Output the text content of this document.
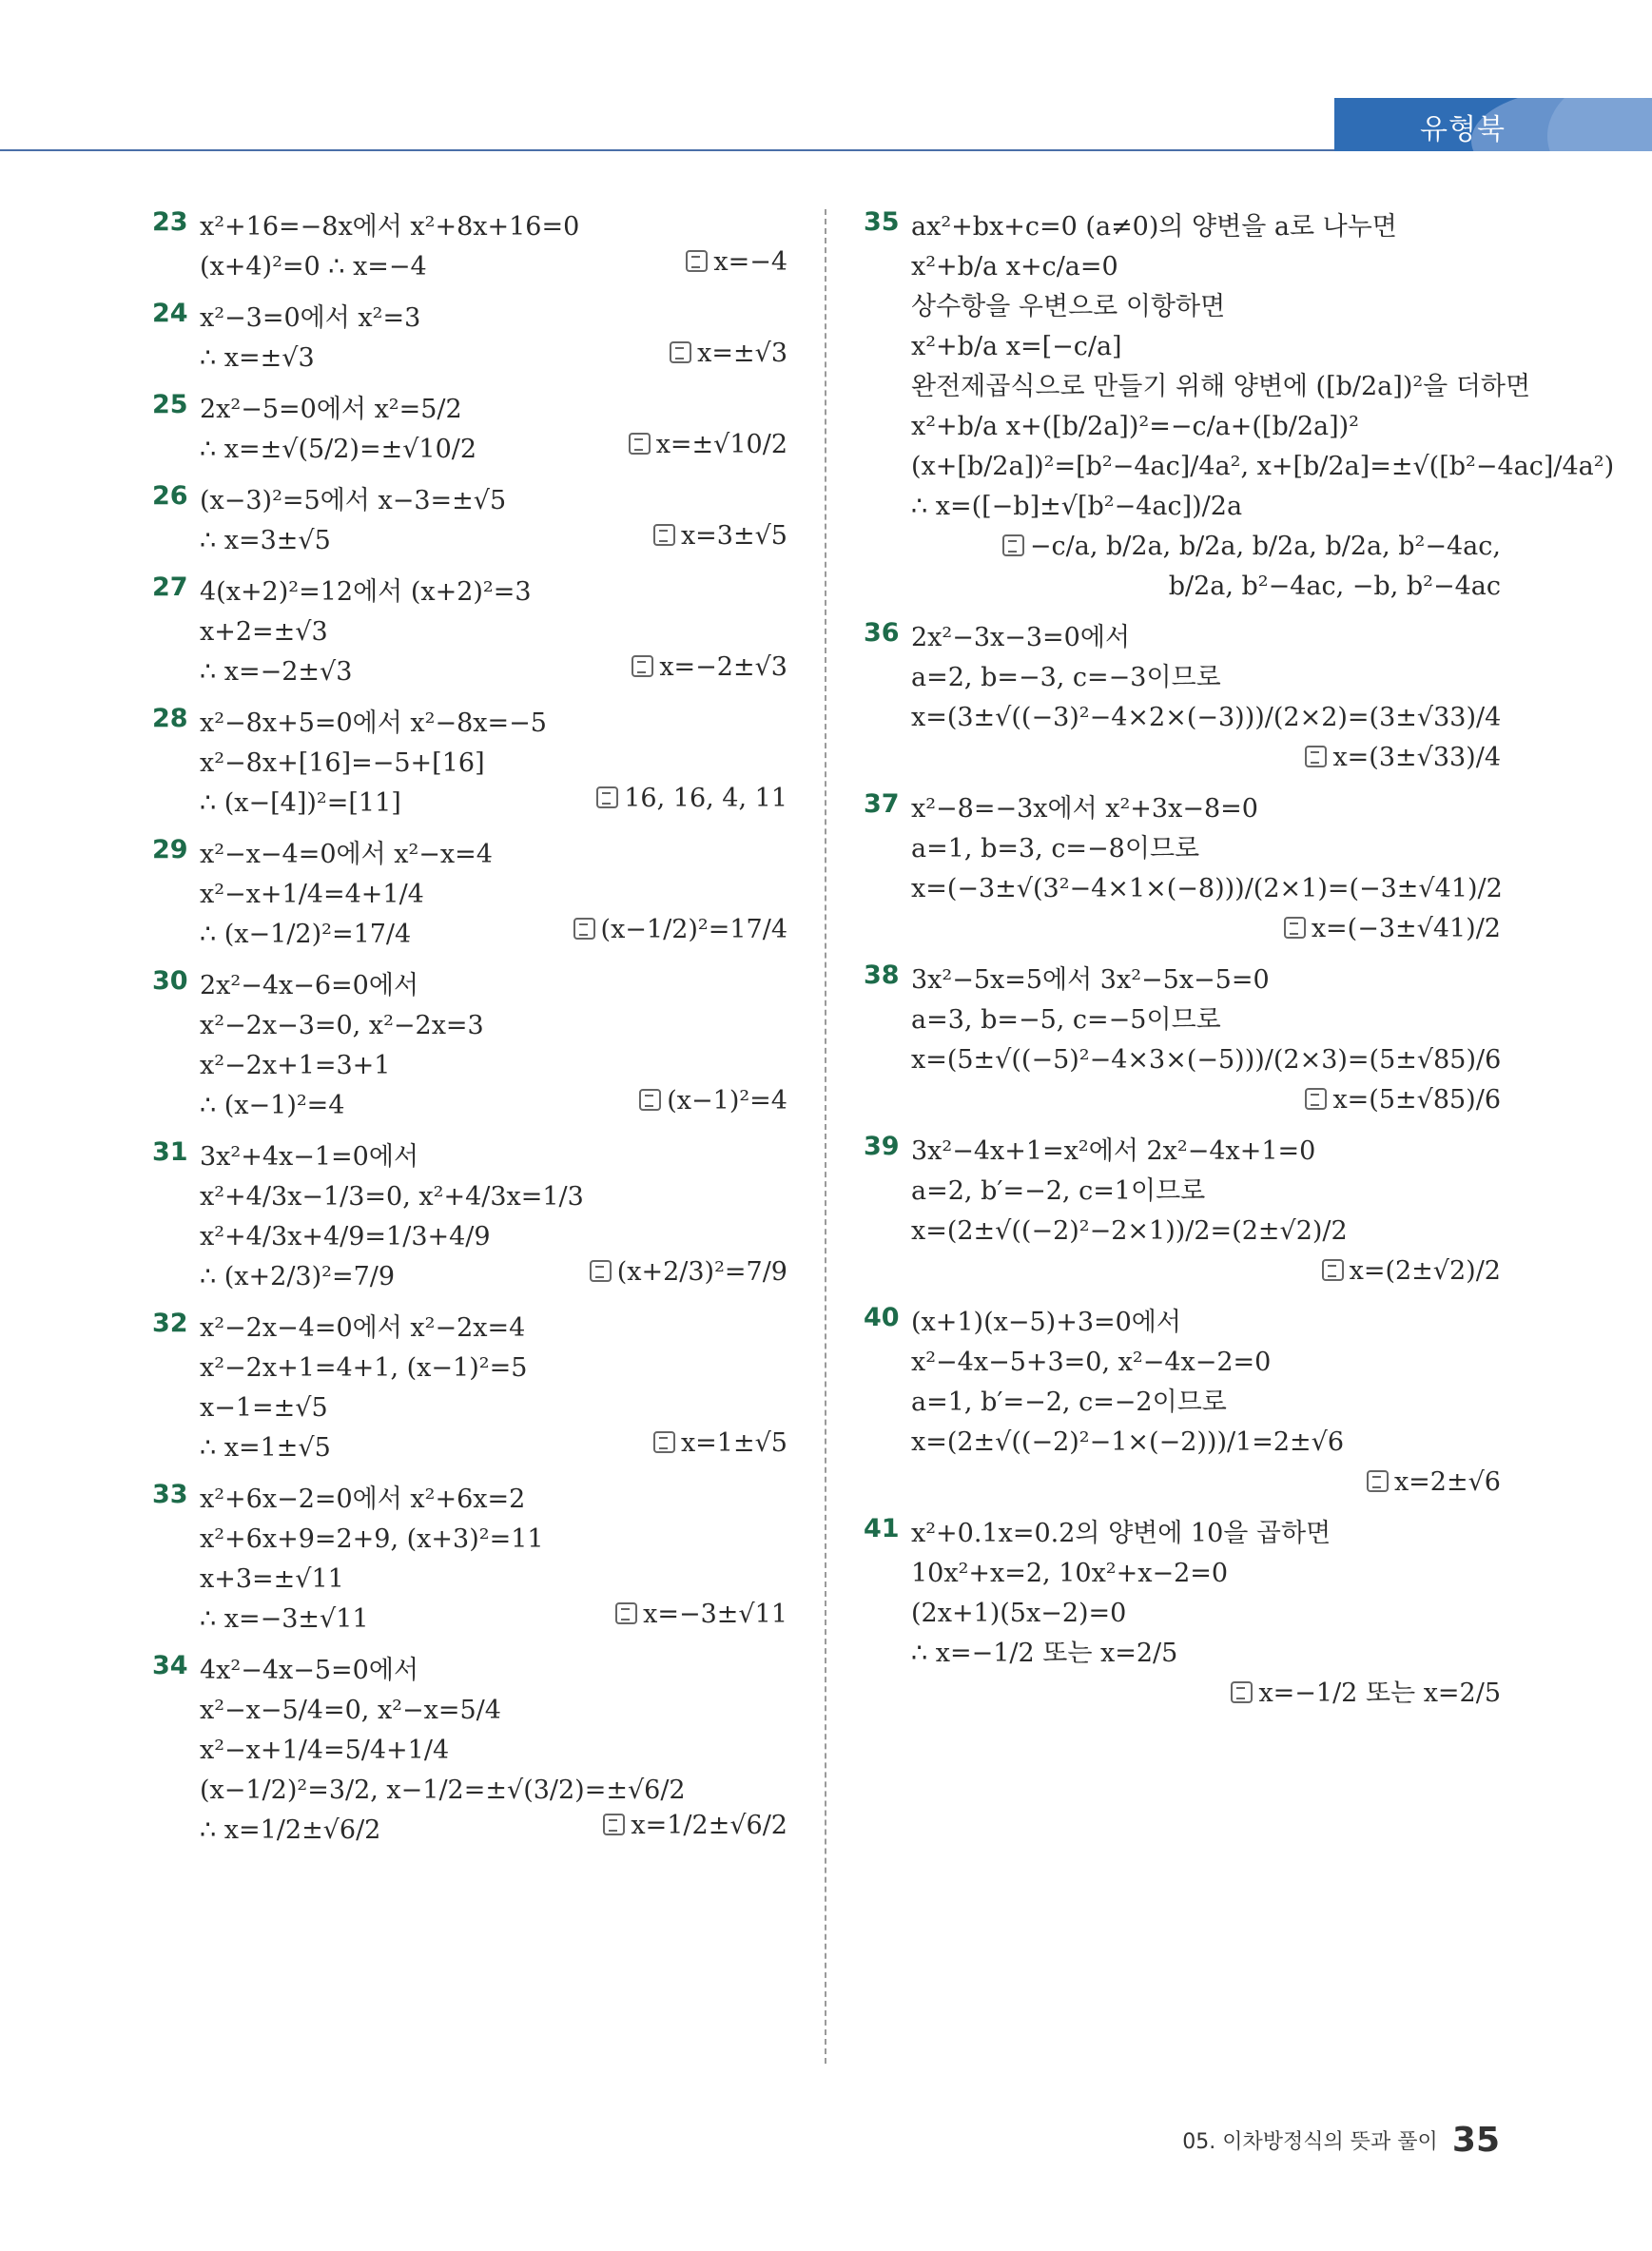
유형북
x²+16=−8x에서 x²+8x+16=0
(x+4)²=0 ∴ x=−4
23
x=−4
x²−3=0에서 x²=3
∴ x=±√3
24
x=±√3
2x²−5=0에서 x²=5/2
∴ x=±√(5/2)=±√10/2
25
x=±√10/2
(x−3)²=5에서 x−3=±√5
∴ x=3±√5
26
x=3±√5
4(x+2)²=12에서 (x+2)²=3
x+2=±√3
∴ x=−2±√3
27
x=−2±√3
x²−8x+5=0에서 x²−8x=−5
x²−8x+[16]=−5+[16]
∴ (x−[4])²=[11]
28
16, 16, 4, 11
x²−x−4=0에서 x²−x=4
x²−x+1/4=4+1/4
∴ (x−1/2)²=17/4
29
(x−1/2)²=17/4
2x²−4x−6=0에서
x²−2x−3=0, x²−2x=3
x²−2x+1=3+1
∴ (x−1)²=4
30
(x−1)²=4
3x²+4x−1=0에서
x²+4/3x−1/3=0, x²+4/3x=1/3
x²+4/3x+4/9=1/3+4/9
∴ (x+2/3)²=7/9
31
(x+2/3)²=7/9
x²−2x−4=0에서 x²−2x=4
x²−2x+1=4+1, (x−1)²=5
x−1=±√5
∴ x=1±√5
32
x=1±√5
x²+6x−2=0에서 x²+6x=2
x²+6x+9=2+9, (x+3)²=11
x+3=±√11
∴ x=−3±√11
33
x=−3±√11
4x²−4x−5=0에서
x²−x−5/4=0, x²−x=5/4
x²−x+1/4=5/4+1/4
(x−1/2)²=3/2, x−1/2=±√(3/2)=±√6/2
∴ x=1/2±√6/2
34
x=1/2±√6/2
ax²+bx+c=0 (a≠0)의 양변을 a로 나누면
x²+b/a x+c/a=0
상수항을 우변으로 이항하면
x²+b/a x=[−c/a]
완전제곱식으로 만들기 위해 양변에 ([b/2a])²을 더하면
x²+b/a x+([b/2a])²=−c/a+([b/2a])²
(x+[b/2a])²=[b²−4ac]/4a², x+[b/2a]=±√([b²−4ac]/4a²)
∴ x=([−b]±√[b²−4ac])/2a
35
−c/a, b/2a, b/2a, b/2a, b/2a, b²−4ac,
b/2a, b²−4ac, −b, b²−4ac
2x²−3x−3=0에서
a=2, b=−3, c=−3이므로
x=(3±√((−3)²−4×2×(−3)))/(2×2)=(3±√33)/4
36
x=(3±√33)/4
x²−8=−3x에서 x²+3x−8=0
a=1, b=3, c=−8이므로
x=(−3±√(3²−4×1×(−8)))/(2×1)=(−3±√41)/2
37
x=(−3±√41)/2
3x²−5x=5에서 3x²−5x−5=0
a=3, b=−5, c=−5이므로
x=(5±√((−5)²−4×3×(−5)))/(2×3)=(5±√85)/6
38
x=(5±√85)/6
3x²−4x+1=x²에서 2x²−4x+1=0
a=2, b′=−2, c=1이므로
x=(2±√((−2)²−2×1))/2=(2±√2)/2
39
x=(2±√2)/2
(x+1)(x−5)+3=0에서
x²−4x−5+3=0, x²−4x−2=0
a=1, b′=−2, c=−2이므로
x=(2±√((−2)²−1×(−2)))/1=2±√6
40
x=2±√6
x²+0.1x=0.2의 양변에 10을 곱하면
10x²+x=2, 10x²+x−2=0
(2x+1)(5x−2)=0
∴ x=−1/2 또는 x=2/5
41
x=−1/2 또는 x=2/5
05. 이차방정식의 뜻과 풀이 35
